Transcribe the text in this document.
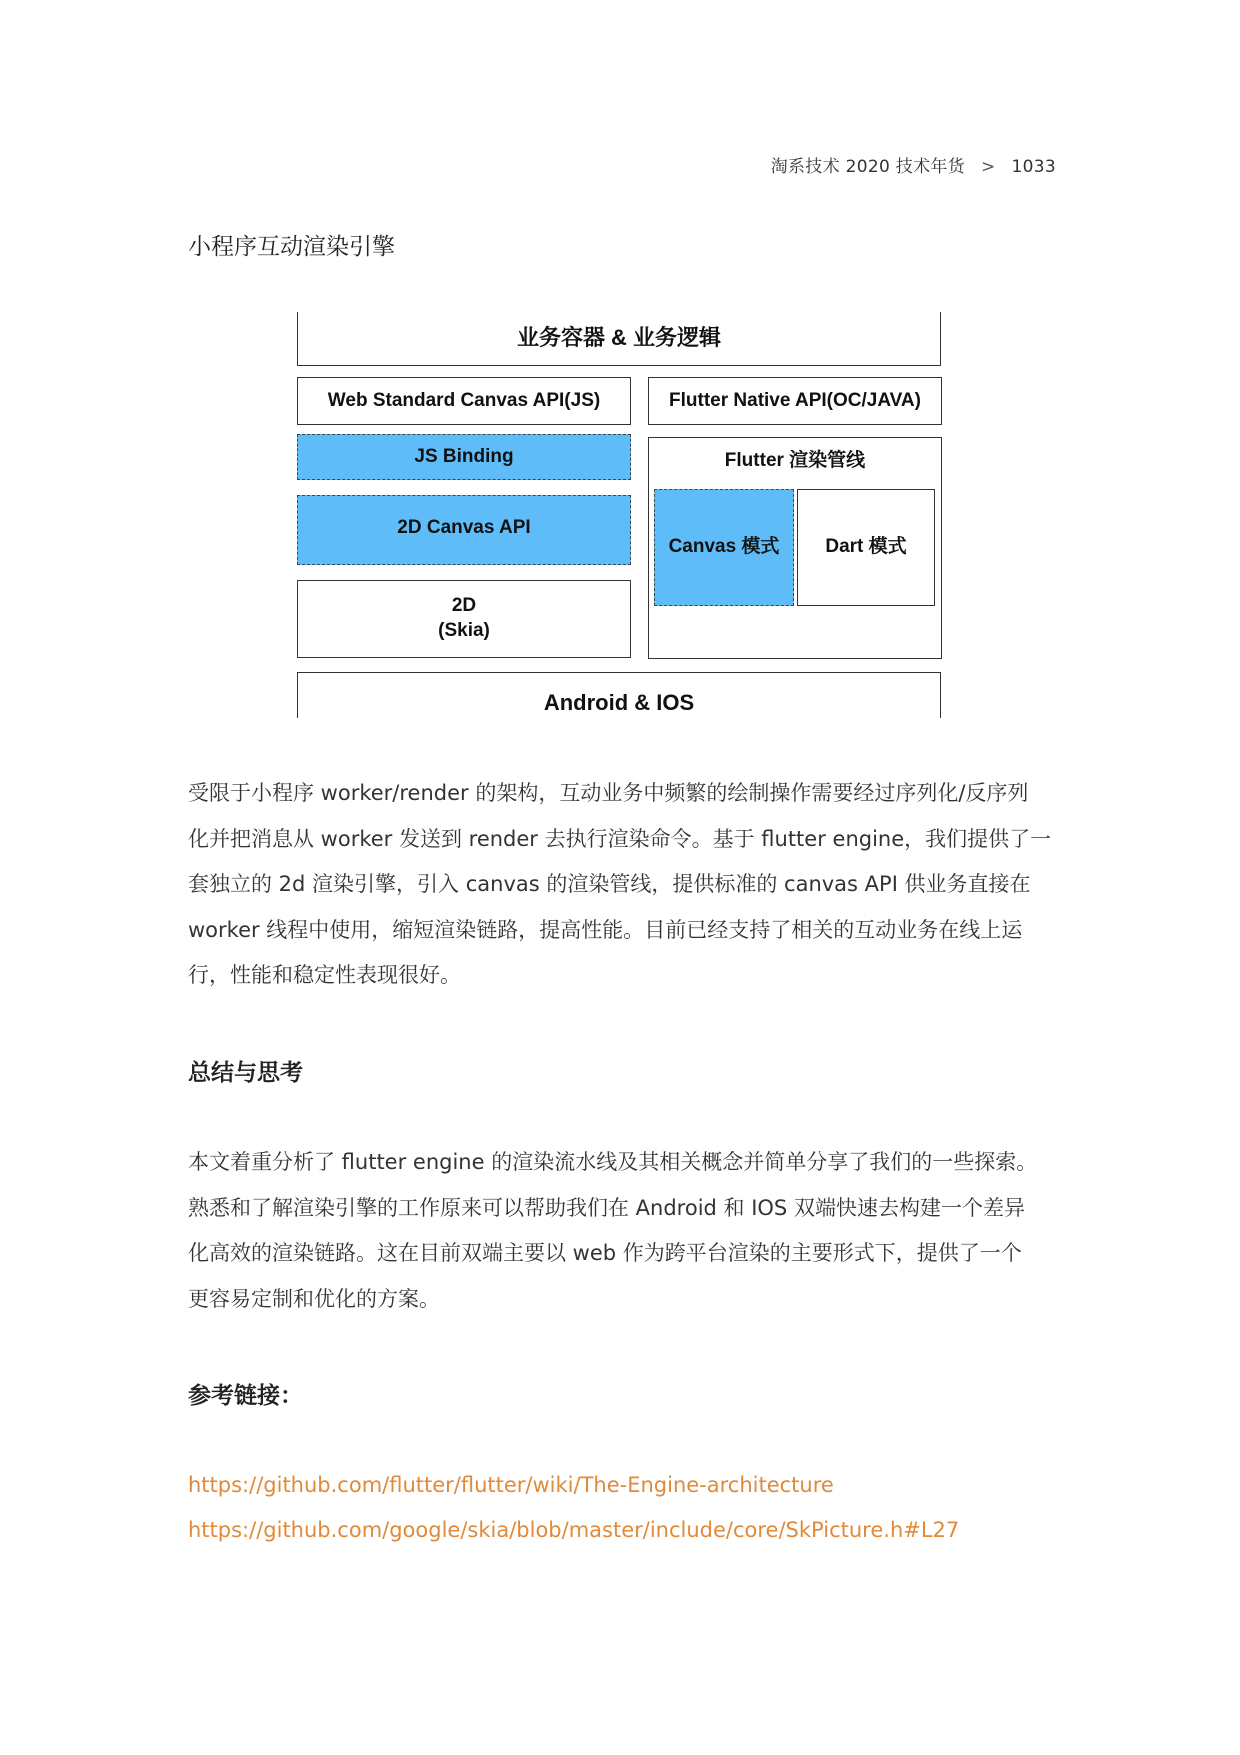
淘系技术 2020 技术年货 > 1033
小程序互动渲染引擎
业务容器 & 业务逻辑
Web Standard Canvas API(JS)	Flutter Native API(OC/JAVA)
JS Binding
2D Canvas API
2D
(Skia)
Flutter 渲染管线
Canvas 模式 Dart 模式
Android & IOS
受限于小程序 worker/render 的架构，互动业务中频繁的绘制操作需要经过序列化/反序列
化并把消息从 worker 发送到 render 去执行渲染命令。基于 flutter engine，我们提供了一
套独立的 2d 渲染引擎，引入 canvas 的渲染管线，提供标准的 canvas API 供业务直接在
worker 线程中使用，缩短渲染链路，提高性能。目前已经支持了相关的互动业务在线上运
行，性能和稳定性表现很好。
总结与思考
本文着重分析了 flutter engine 的渲染流水线及其相关概念并简单分享了我们的一些探索。
熟悉和了解渲染引擎的工作原来可以帮助我们在 Android 和 IOS 双端快速去构建一个差异
化高效的渲染链路。这在目前双端主要以 web 作为跨平台渲染的主要形式下，提供了一个
更容易定制和优化的方案。
参考链接：
https://github.com/flutter/flutter/wiki/The-Engine-architecture
https://github.com/google/skia/blob/master/include/core/SkPicture.h#L27
